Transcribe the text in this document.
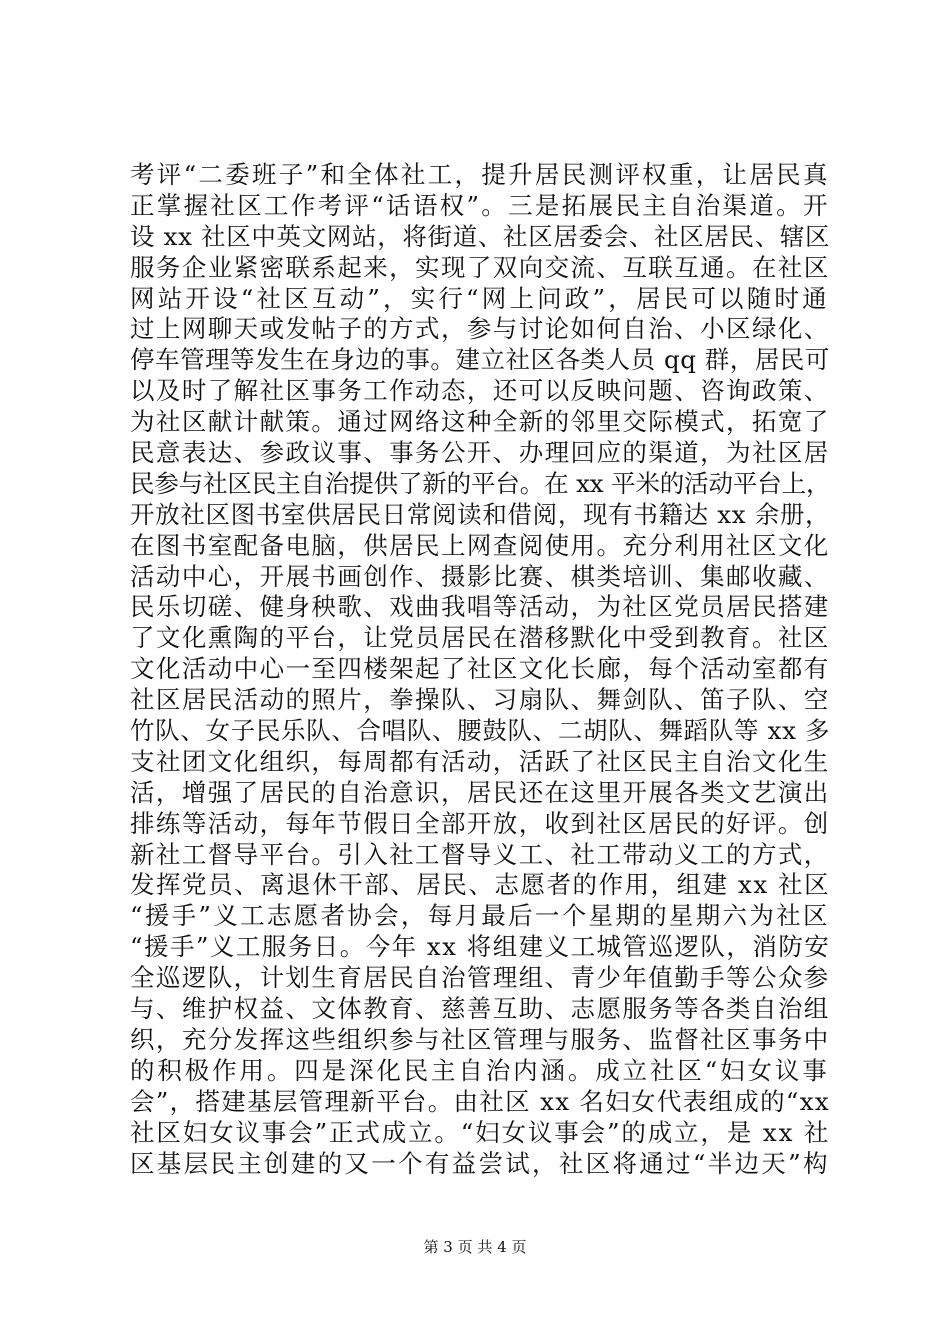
考评“二委班子”和全体社工，提升居民测评权重，让居民真
正掌握社区工作考评“话语权”。三是拓展民主自治渠道。开
设 xx 社区中英文网站，将街道、社区居委会、社区居民、辖区
服务企业紧密联系起来，实现了双向交流、互联互通。在社区
网站开设“社区互动”，实行“网上问政”，居民可以随时通
过上网聊天或发帖子的方式，参与讨论如何自治、小区绿化、
停车管理等发生在身边的事。建立社区各类人员 qq 群，居民可
以及时了解社区事务工作动态，还可以反映问题、咨询政策、
为社区献计献策。通过网络这种全新的邻里交际模式，拓宽了
民意表达、参政议事、事务公开、办理回应的渠道，为社区居
民参与社区民主自治提供了新的平台。在 xx 平米的活动平台上，
开放社区图书室供居民日常阅读和借阅，现有书籍达 xx 余册，
在图书室配备电脑，供居民上网查阅使用。充分利用社区文化
活动中心，开展书画创作、摄影比赛、棋类培训、集邮收藏、
民乐切磋、健身秧歌、戏曲我唱等活动，为社区党员居民搭建
了文化熏陶的平台，让党员居民在潜移默化中受到教育。社区
文化活动中心一至四楼架起了社区文化长廊，每个活动室都有
社区居民活动的照片，拳操队、习扇队、舞剑队、笛子队、空
竹队、女子民乐队、合唱队、腰鼓队、二胡队、舞蹈队等 xx 多
支社团文化组织，每周都有活动，活跃了社区民主自治文化生
活，增强了居民的自治意识，居民还在这里开展各类文艺演出
排练等活动，每年节假日全部开放，收到社区居民的好评。创
新社工督导平台。引入社工督导义工、社工带动义工的方式，
发挥党员、离退休干部、居民、志愿者的作用，组建 xx 社区
“援手”义工志愿者协会，每月最后一个星期的星期六为社区
“援手”义工服务日。今年 xx 将组建义工城管巡逻队，消防安
全巡逻队，计划生育居民自治管理组、青少年值勤手等公众参
与、维护权益、文体教育、慈善互助、志愿服务等各类自治组
织，充分发挥这些组织参与社区管理与服务、监督社区事务中
的积极作用。四是深化民主自治内涵。成立社区“妇女议事
会”，搭建基层管理新平台。由社区 xx 名妇女代表组成的“xx
社区妇女议事会”正式成立。“妇女议事会”的成立，是 xx 社
区基层民主创建的又一个有益尝试，社区将通过“半边天”构
第 3 页 共 4 页
